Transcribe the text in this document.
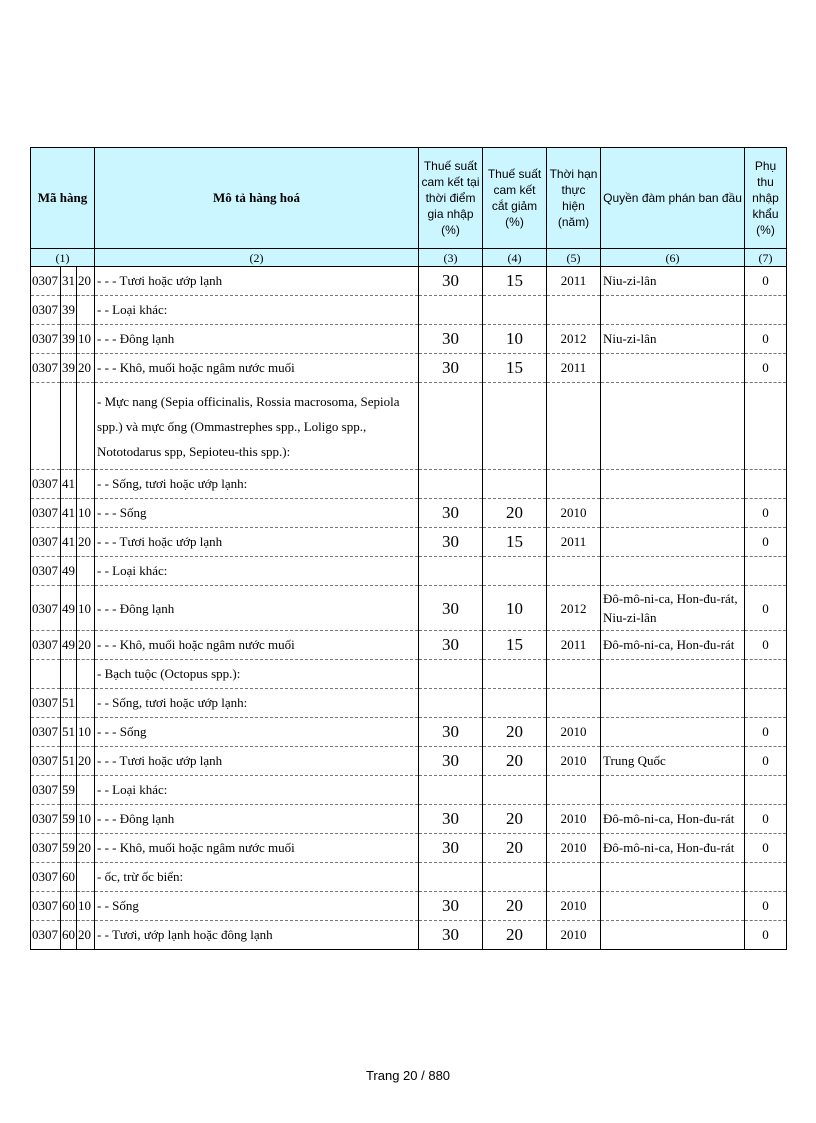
Mã hàng			Mô tả hàng hoá	Thuế suất cam kết tại thời điểm gia nhập (%)	Thuế suất cam kết cắt giảm (%)	Thời hạn thực hiện (năm)	Quyền đàm phán ban đầu	Phụ thu nhập khẩu (%)
(1)			(2)	(3)	(4)	(5)	(6)	(7)
0307	31	20	- - - Tươi hoặc ướp lạnh	30	15	2011	Niu-zi-lân	0
0307	39		- - Loại khác:					
0307	39	10	- - - Đông lạnh	30	10	2012	Niu-zi-lân	0
0307	39	20	- - - Khô, muối hoặc ngâm nước muối	30	15	2011		0
			- Mực nang (Sepia officinalis, Rossia macrosoma, Sepiola spp.) và mực ống (Ommastrephes spp., Loligo spp., Nototodarus spp, Sepioteu-this spp.):					
0307	41		- - Sống, tươi hoặc ướp lạnh:					
0307	41	10	- - - Sống	30	20	2010		0
0307	41	20	- - - Tươi hoặc ướp lạnh	30	15	2011		0
0307	49		- - Loại khác:					
0307	49	10	- - - Đông lạnh	30	10	2012	Đô-mô-ni-ca, Hon-đu-rát, Niu-zi-lân	0
0307	49	20	- - - Khô, muối hoặc ngâm nước muối	30	15	2011	Đô-mô-ni-ca, Hon-đu-rát	0
			- Bạch tuộc (Octopus spp.):					
0307	51		- - Sống, tươi hoặc ướp lạnh:					
0307	51	10	- - - Sống	30	20	2010		0
0307	51	20	- - - Tươi hoặc ướp lạnh	30	20	2010	Trung Quốc	0
0307	59		- - Loại khác:					
0307	59	10	- - - Đông lạnh	30	20	2010	Đô-mô-ni-ca, Hon-đu-rát	0
0307	59	20	- - - Khô, muối hoặc ngâm nước muối	30	20	2010	Đô-mô-ni-ca, Hon-đu-rát	0
0307	60		- ốc, trừ ốc biển:					
0307	60	10	- - Sống	30	20	2010		0
0307	60	20	- - Tươi, ướp lạnh hoặc đông lạnh	30	20	2010		0
Trang 20 / 880
